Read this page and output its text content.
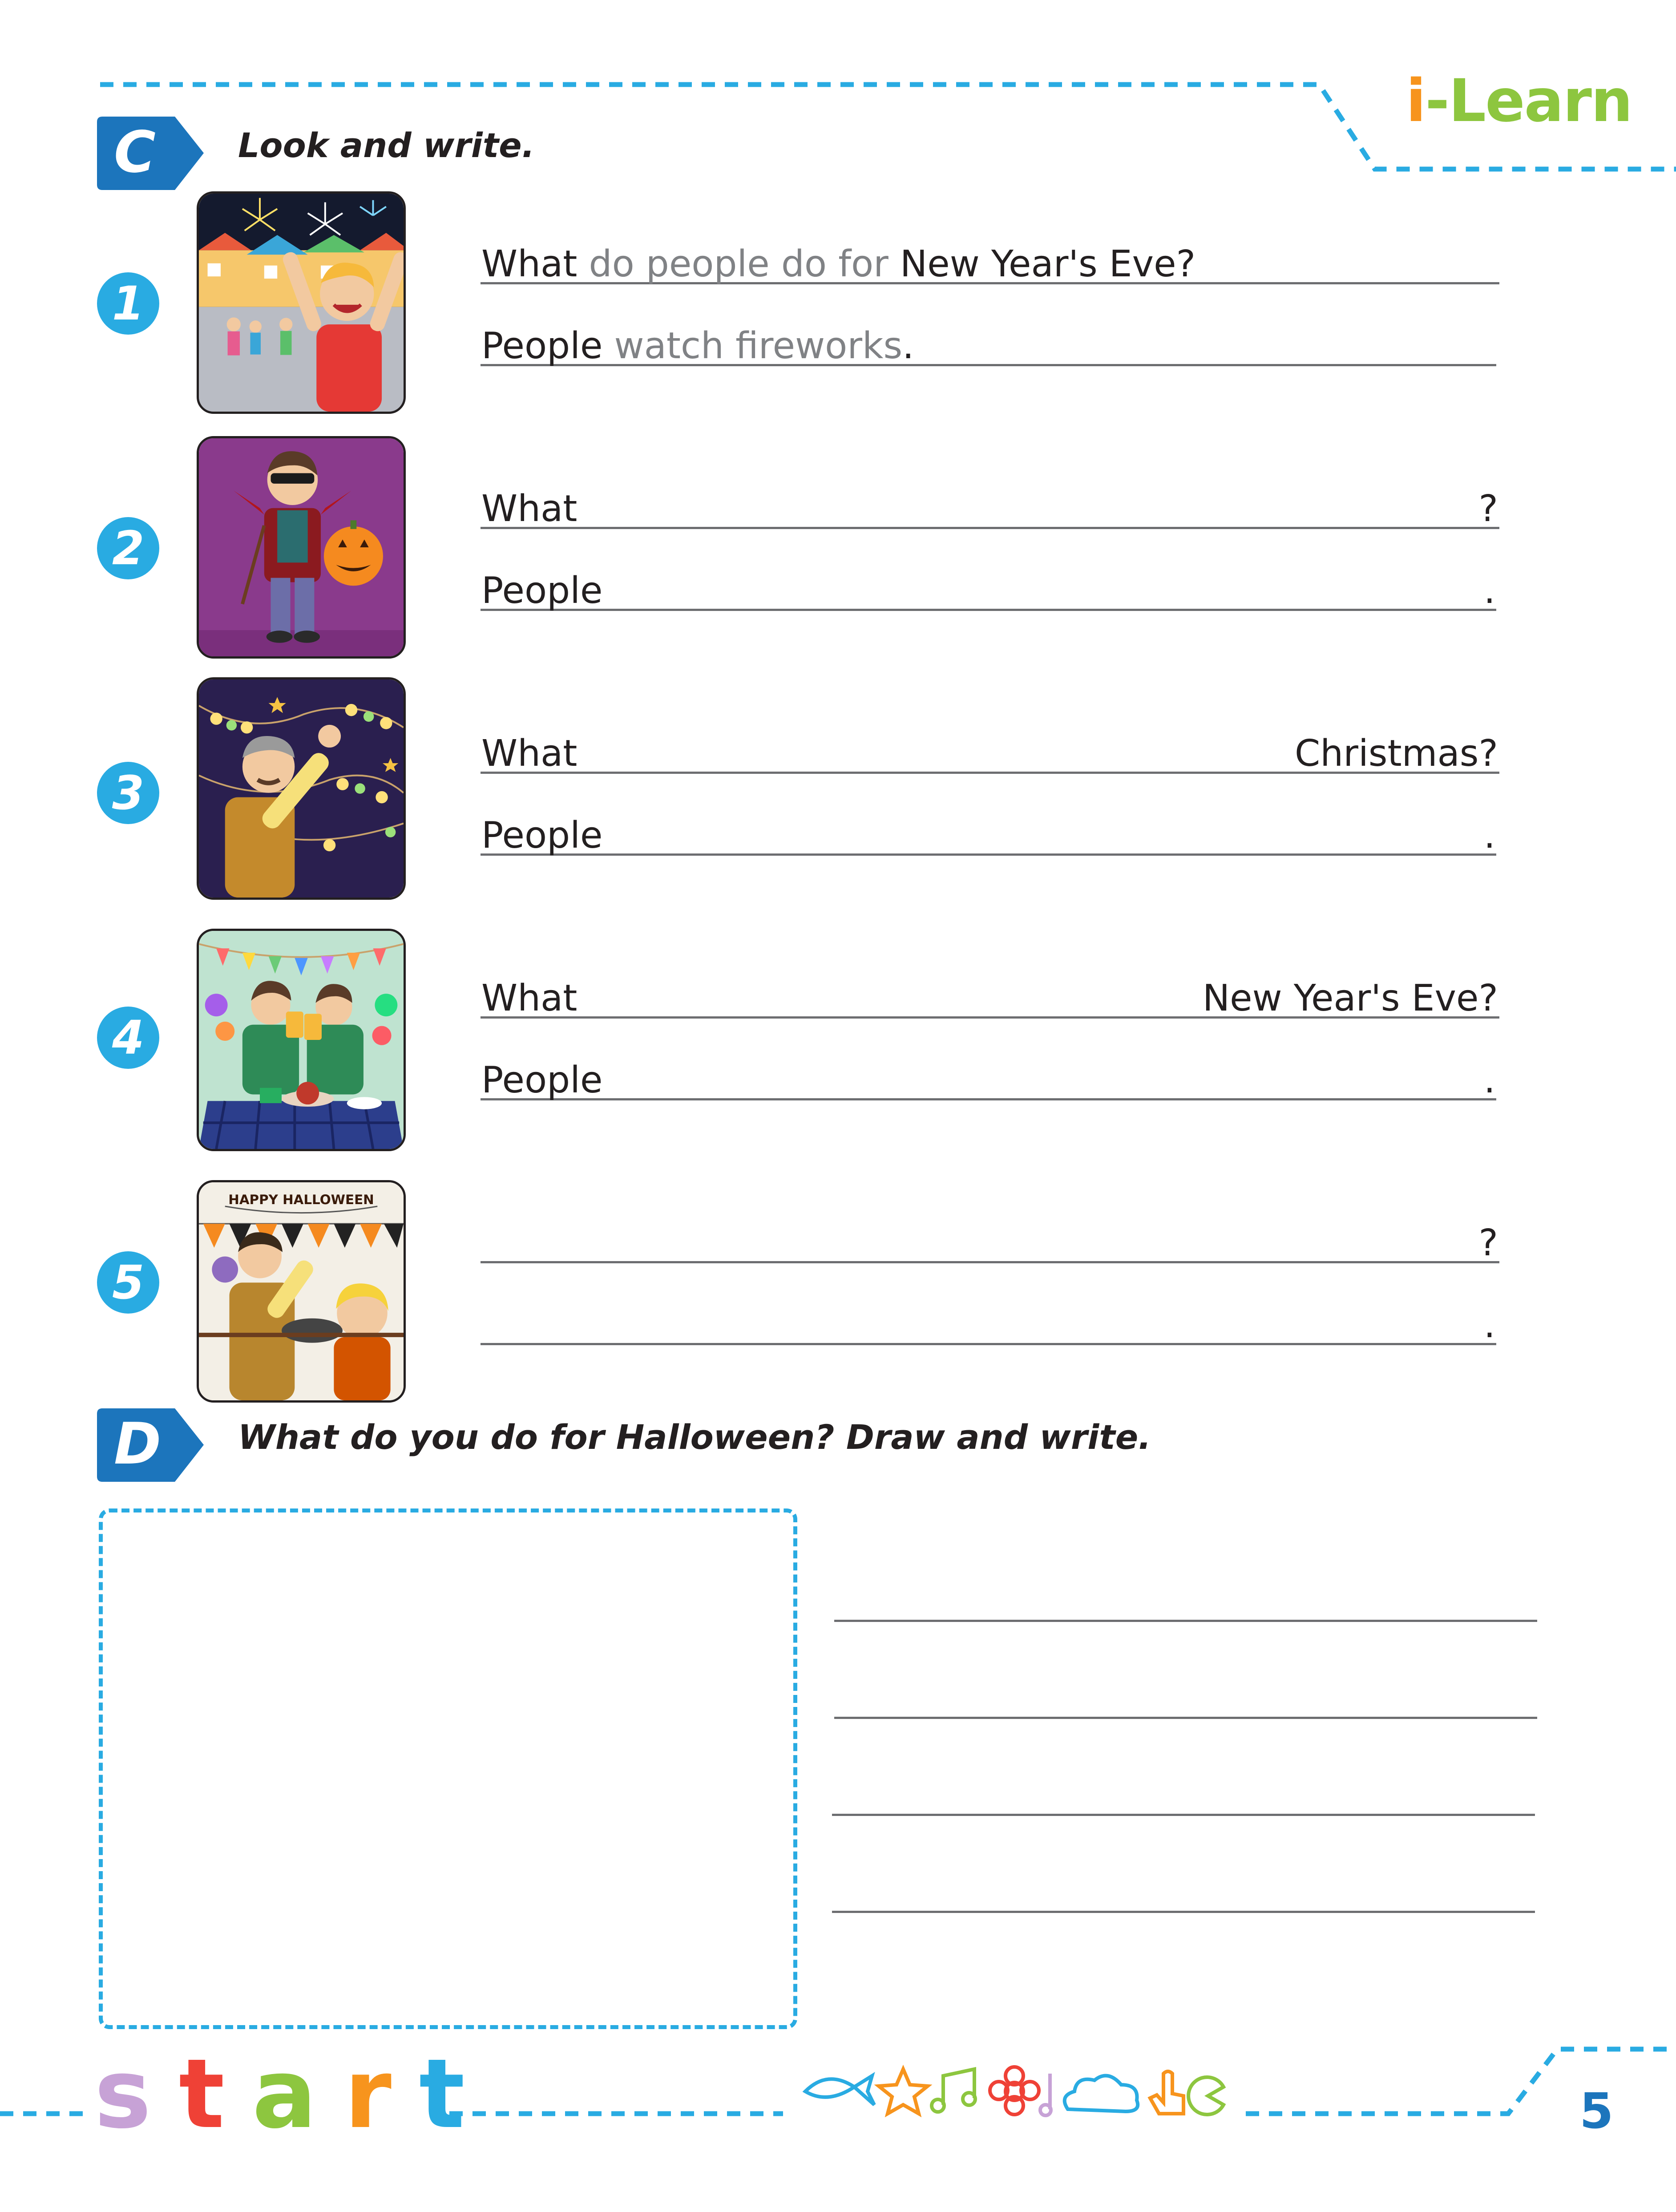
i-Learn
C Look and write.
1
What do people do for New Year's Eve?
People watch fireworks.
2
What	?
People	.
3
What	Christmas?
People	.
4
What	New Year's Eve?
People	.
5
HAPPY HALLOWEEN
?
.
D What do you do for Halloween? Draw and write.
start	5
